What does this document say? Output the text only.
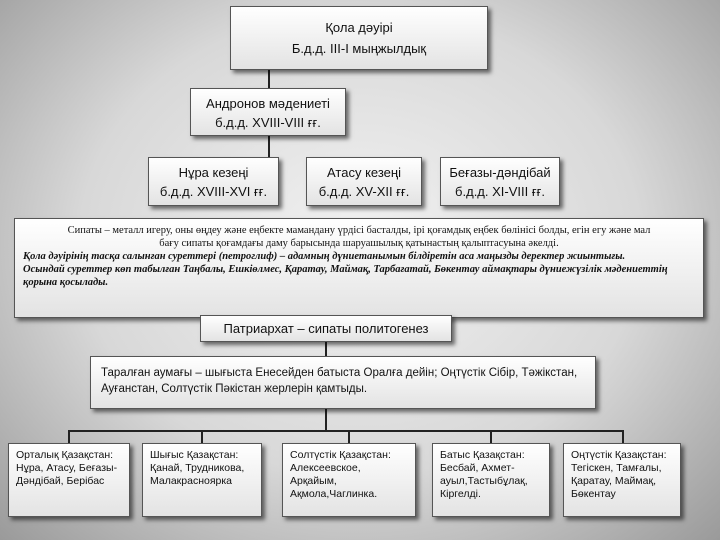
Қола дәуірі
Б.д.д. III-I мыңжылдық
Андронов мәдениеті
б.д.д. XVIII-VIII ғғ.
Нұра кезеңі
б.д.д. XVIII-XVI ғғ.
Атасу кезеңі
б.д.д. XV-XII ғғ.
Беғазы-дәндібай
б.д.д. XI-VIII ғғ.
Сипаты – металл игеру, оны өңдеу және еңбекте мамандану үрдісі басталды, ірі қоғамдық еңбек бөлінісі болды, егін егу және мал
бағу сипаты қоғамдағы даму барысында шаруашылық қатынастың қалыптасуына әкелді.
Қола дәуірінің тасқа салынған суреттері (петроглиф) – адамның дүниетанымын білдіретін аса маңызды деректер жиынтығы.
Осындай суреттер көп табылған Таңбалы, Ешкіөлмес, Қаратау, Маймақ, Тарбағатай, Бөкентау аймақтары дүниежүзілік мәдениеттің қорына қосылады.
Патриархат – сипаты политогенез
Таралған аумағы – шығыста Енесейден батыста Оралға дейін; Оңтүстік Сібір, Тәжікстан, Ауғанстан, Солтүстік Пәкістан жерлерін қамтыды.
Орталық Қазақстан:
Нұра, Атасу, Беғазы-Дәндібай, Берібас
Шығыс Қазақстан:
Қанай, Трудникова, Малакрасноярка
Солтүстік Қазақстан:
Алексеевское, Арқайым, Ақмола,Чаглинка.
Батыс Қазақстан:
Бесбай, Ахмет-ауыл,Тастыбұлақ, Кіргелді.
Оңтүстік Қазақстан:
Тегіскен, Тамғалы, Қаратау, Маймақ, Бөкентау
